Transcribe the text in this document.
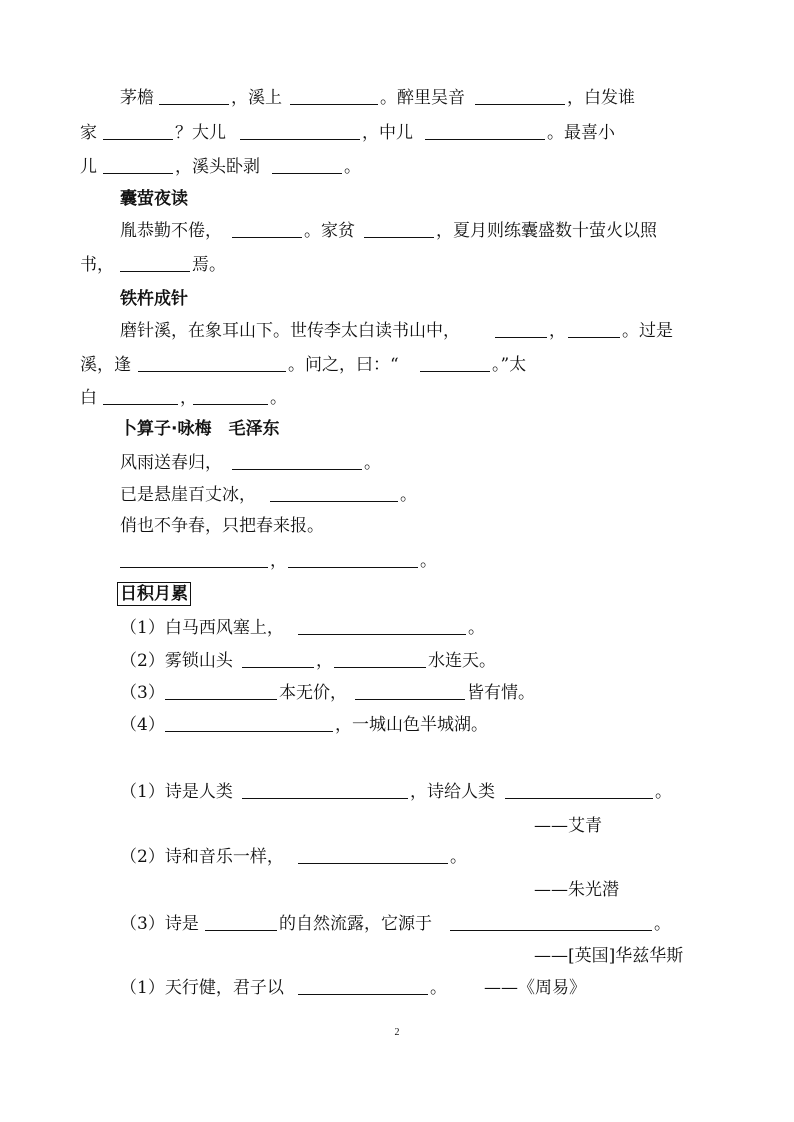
茅檐	，溪上	。醉里吴音	，白发谁
家	？大儿	，中儿	。最喜小
儿	，溪头卧剥	。
囊萤夜读
胤恭勤不倦，	。家贫	，夏月则练囊盛数十萤火以照
书，	焉。
铁杵成针
磨针溪，在象耳山下。世传李太白读书山中，	，	。过是
溪，逢	。问之，曰：“	。”太
白	，	。
卜算子·咏梅　毛泽东
风雨送春归，	。
已是悬崖百丈冰，	。
俏也不争春，只把春来报。
，	。
日积月累
（1）白马西风塞上，	。
（2）雾锁山头	，	水连天。
（3）	本无价，	皆有情。
（4）	，一城山色半城湖。
（1）诗是人类	，诗给人类	。
——艾青
（2）诗和音乐一样，	。
——朱光潜
（3）诗是	的自然流露，它源于	。
——[英国]华兹华斯
（1）天行健，君子以	。 ——《周易》
2
